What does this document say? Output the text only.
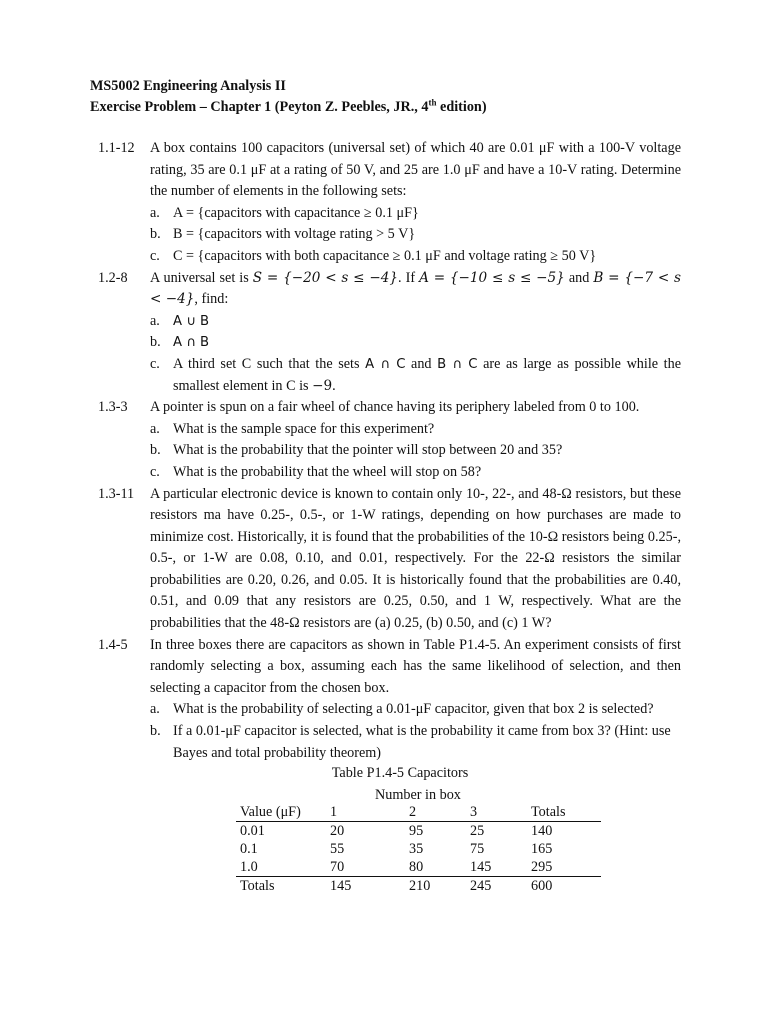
MS5002 Engineering Analysis II
Exercise Problem – Chapter 1 (Peyton Z. Peebles, JR., 4th edition)
1.1-12	A box contains 100 capacitors (universal set) of which 40 are 0.01 μF with a 100-V voltage rating, 35 are 0.1 μF at a rating of 50 V, and 25 are 1.0 μF and have a 10-V rating. Determine the number of elements in the following sets:

a. A = {capacitors with capacitance ≥ 0.1 μF}
b. B = {capacitors with voltage rating > 5 V}
c. C = {capacitors with both capacitance ≥ 0.1 μF and voltage rating ≥ 50 V}
1.2-8	A universal set is S = {−20 < s ≤ −4}. If A = {−10 ≤ s ≤ −5} and B = {−7 < s < −4}, find:

a. A ∪ B
b. A ∩ B
c. A third set C such that the sets A ∩ C and B ∩ C are as large as possible while the smallest element in C is −9.
1.3-3	A pointer is spun on a fair wheel of chance having its periphery labeled from 0 to 100.

a. What is the sample space for this experiment?
b. What is the probability that the pointer will stop between 20 and 35?
c. What is the probability that the wheel will stop on 58?
1.3-11	A particular electronic device is known to contain only 10-, 22-, and 48-Ω resistors, but these resistors ma have 0.25-, 0.5-, or 1-W ratings, depending on how purchases are made to minimize cost. Historically, it is found that the probabilities of the 10-Ω resistors being 0.25-, 0.5-, or 1-W are 0.08, 0.10, and 0.01, respectively. For the 22-Ω resistors the similar probabilities are 0.20, 0.26, and 0.05. It is historically found that the probabilities are 0.40, 0.51, and 0.09 that any resistors are 0.25, 0.50, and 1 W, respectively. What are the probabilities that the 48-Ω resistors are (a) 0.25, (b) 0.50, and (c) 1 W?

1.4-5	In three boxes there are capacitors as shown in Table P1.4-5. An experiment consists of first randomly selecting a box, assuming each has the same likelihood of selection, and then selecting a capacitor from the chosen box.

a. What is the probability of selecting a 0.01-μF capacitor, given that box 2 is selected?
b. If a 0.01-μF capacitor is selected, what is the probability it came from box 3? (Hint: use Bayes and total probability theorem)
Table P1.4-5 Capacitors
Number in box
Value (μF)	1	2	3	Totals
0.01	20	95	25	140
0.1	55	35	75	165
1.0	70	80	145	295
Totals	145	210	245	600
